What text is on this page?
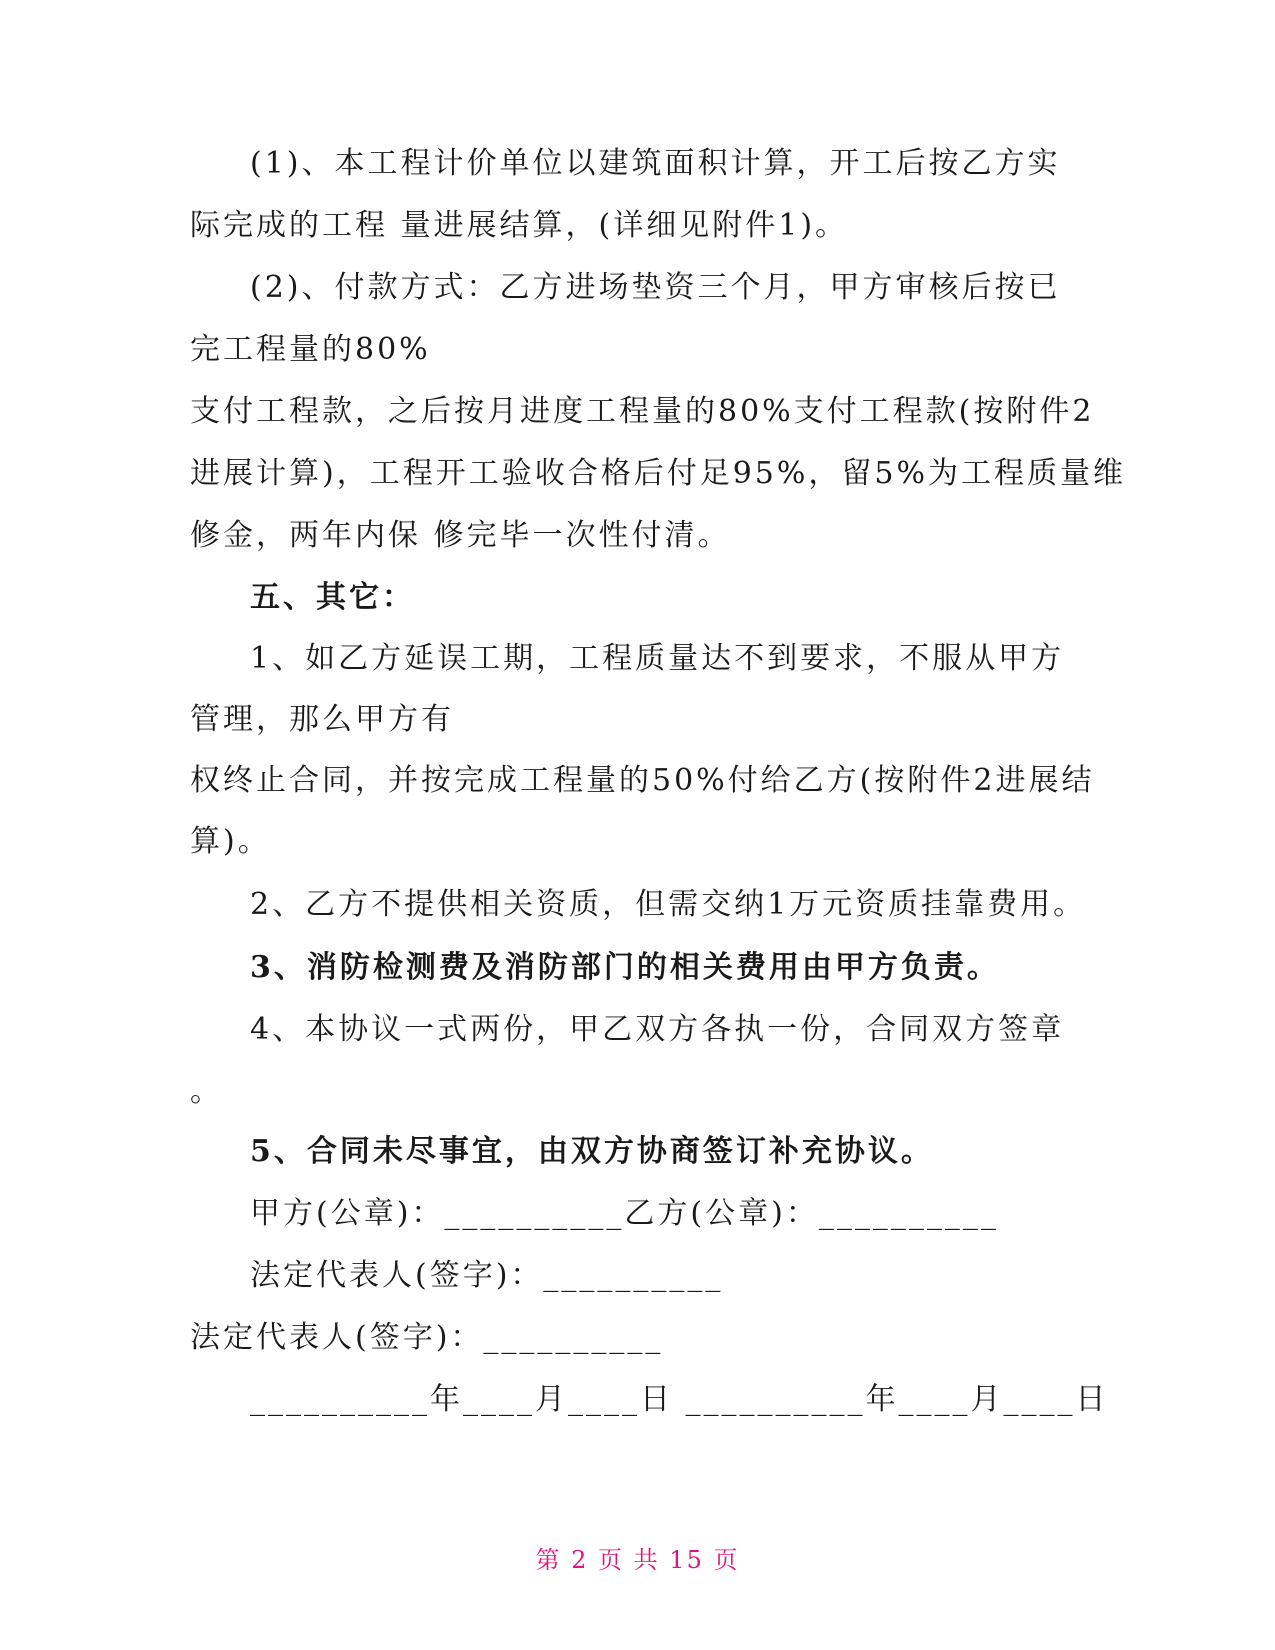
(1)、本工程计价单位以建筑面积计算，开工后按乙方实
际完成的工程 量进展结算，(详细见附件1)。
(2)、付款方式：乙方进场垫资三个月，甲方审核后按已
完工程量的80%
支付工程款，之后按月进度工程量的80%支付工程款(按附件2
进展计算)，工程开工验收合格后付足95%，留5%为工程质量维
修金，两年内保 修完毕一次性付清。
五、其它：
1、如乙方延误工期，工程质量达不到要求，不服从甲方
管理，那么甲方有
权终止合同，并按完成工程量的50%付给乙方(按附件2进展结
算)。
2、乙方不提供相关资质，但需交纳1万元资质挂靠费用。
3、消防检测费及消防部门的相关费用由甲方负责。
4、本协议一式两份，甲乙双方各执一份，合同双方签章
。
5、合同未尽事宜，由双方协商签订补充协议。
甲方(公章)：__________乙方(公章)：__________
法定代表人(签字)：__________
法定代表人(签字)：__________
__________年____月____日 __________年____月____日
第 2 页 共 15 页
